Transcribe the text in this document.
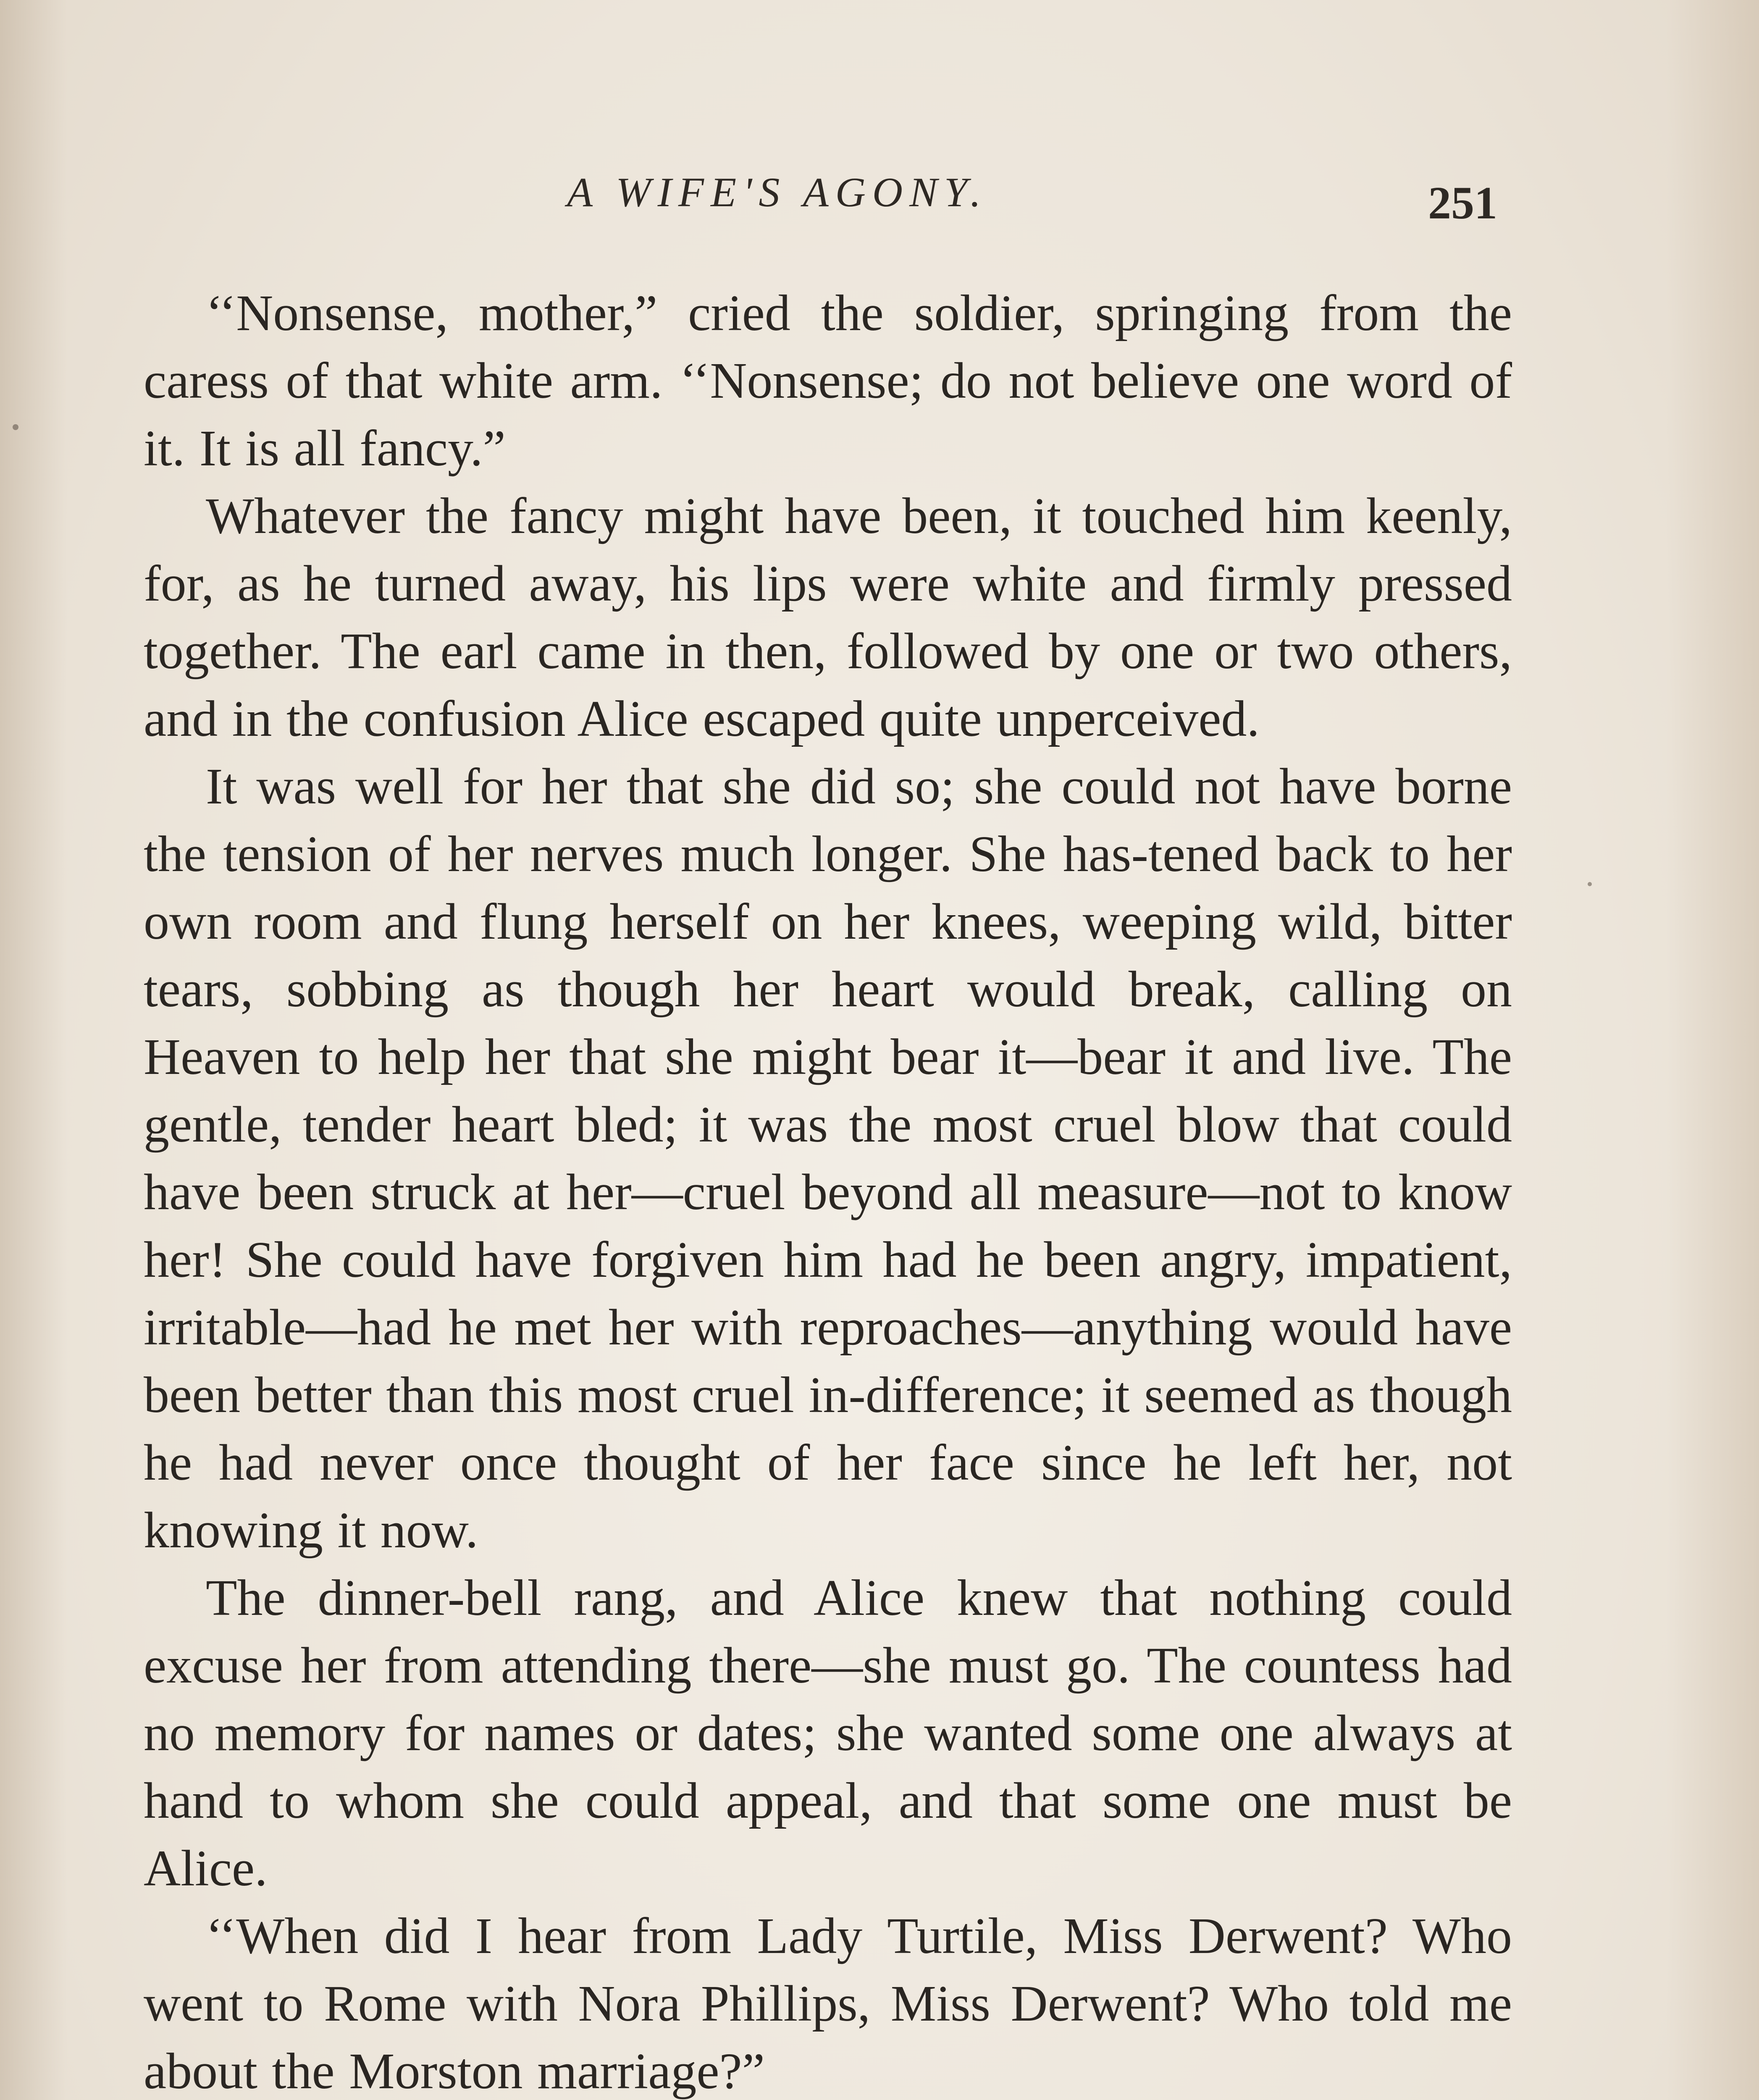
A WIFE'S AGONY.	251

‘‘Nonsense, mother,” cried the soldier, springing from the caress of that white arm. ‘‘Nonsense; do not believe one word of it. It is all fancy.”

Whatever the fancy might have been, it touched him keenly, for, as he turned away, his lips were white and firmly pressed together. The earl came in then, followed by one or two others, and in the confusion Alice escaped quite unperceived.

It was well for her that she did so; she could not have borne the tension of her nerves much longer. She has-tened back to her own room and flung herself on her knees, weeping wild, bitter tears, sobbing as though her heart would break, calling on Heaven to help her that she might bear it—bear it and live. The gentle, tender heart bled; it was the most cruel blow that could have been struck at her—cruel beyond all measure—not to know her! She could have forgiven him had he been angry, impatient, irritable—had he met her with reproaches—anything would have been better than this most cruel in-difference; it seemed as though he had never once thought of her face since he left her, not knowing it now.

The dinner-bell rang, and Alice knew that nothing could excuse her from attending there—she must go. The countess had no memory for names or dates; she wanted some one always at hand to whom she could appeal, and that some one must be Alice.

‘‘When did I hear from Lady Turtile, Miss Derwent? Who went to Rome with Nora Phillips, Miss Derwent? Who told me about the Morston marriage?”
